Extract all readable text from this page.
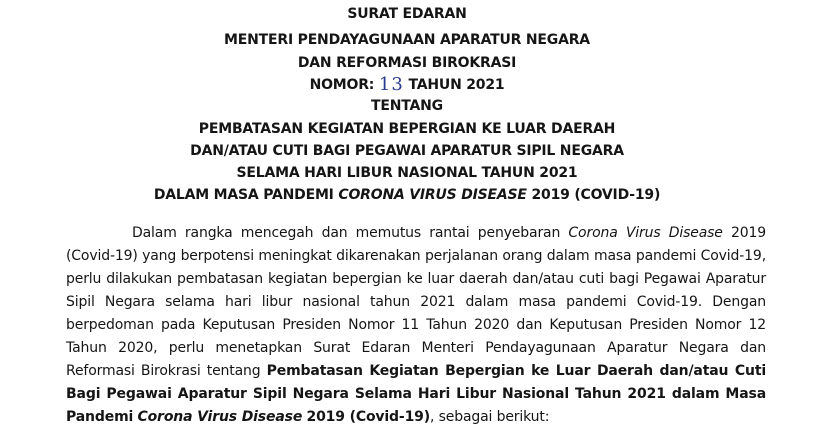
SURAT EDARAN
MENTERI PENDAYAGUNAAN APARATUR NEGARA
DAN REFORMASI BIROKRASI
NOMOR: 13 TAHUN 2021
TENTANG
PEMBATASAN KEGIATAN BEPERGIAN KE LUAR DAERAH
DAN/ATAU CUTI BAGI PEGAWAI APARATUR SIPIL NEGARA
SELAMA HARI LIBUR NASIONAL TAHUN 2021
DALAM MASA PANDEMI CORONA VIRUS DISEASE 2019 (COVID-19)

Dalam rangka mencegah dan memutus rantai penyebaran Corona Virus Disease 2019 (Covid-19) yang berpotensi meningkat dikarenakan perjalanan orang dalam masa pandemi Covid-19, perlu dilakukan pembatasan kegiatan bepergian ke luar daerah dan/atau cuti bagi Pegawai Aparatur Sipil Negara selama hari libur nasional tahun 2021 dalam masa pandemi Covid-19. Dengan berpedoman pada Keputusan Presiden Nomor 11 Tahun 2020 dan Keputusan Presiden Nomor 12 Tahun 2020, perlu menetapkan Surat Edaran Menteri Pendayagunaan Aparatur Negara dan Reformasi Birokrasi tentang Pembatasan Kegiatan Bepergian ke Luar Daerah dan/atau Cuti Bagi Pegawai Aparatur Sipil Negara Selama Hari Libur Nasional Tahun 2021 dalam Masa Pandemi Corona Virus Disease 2019 (Covid-19), sebagai berikut:
